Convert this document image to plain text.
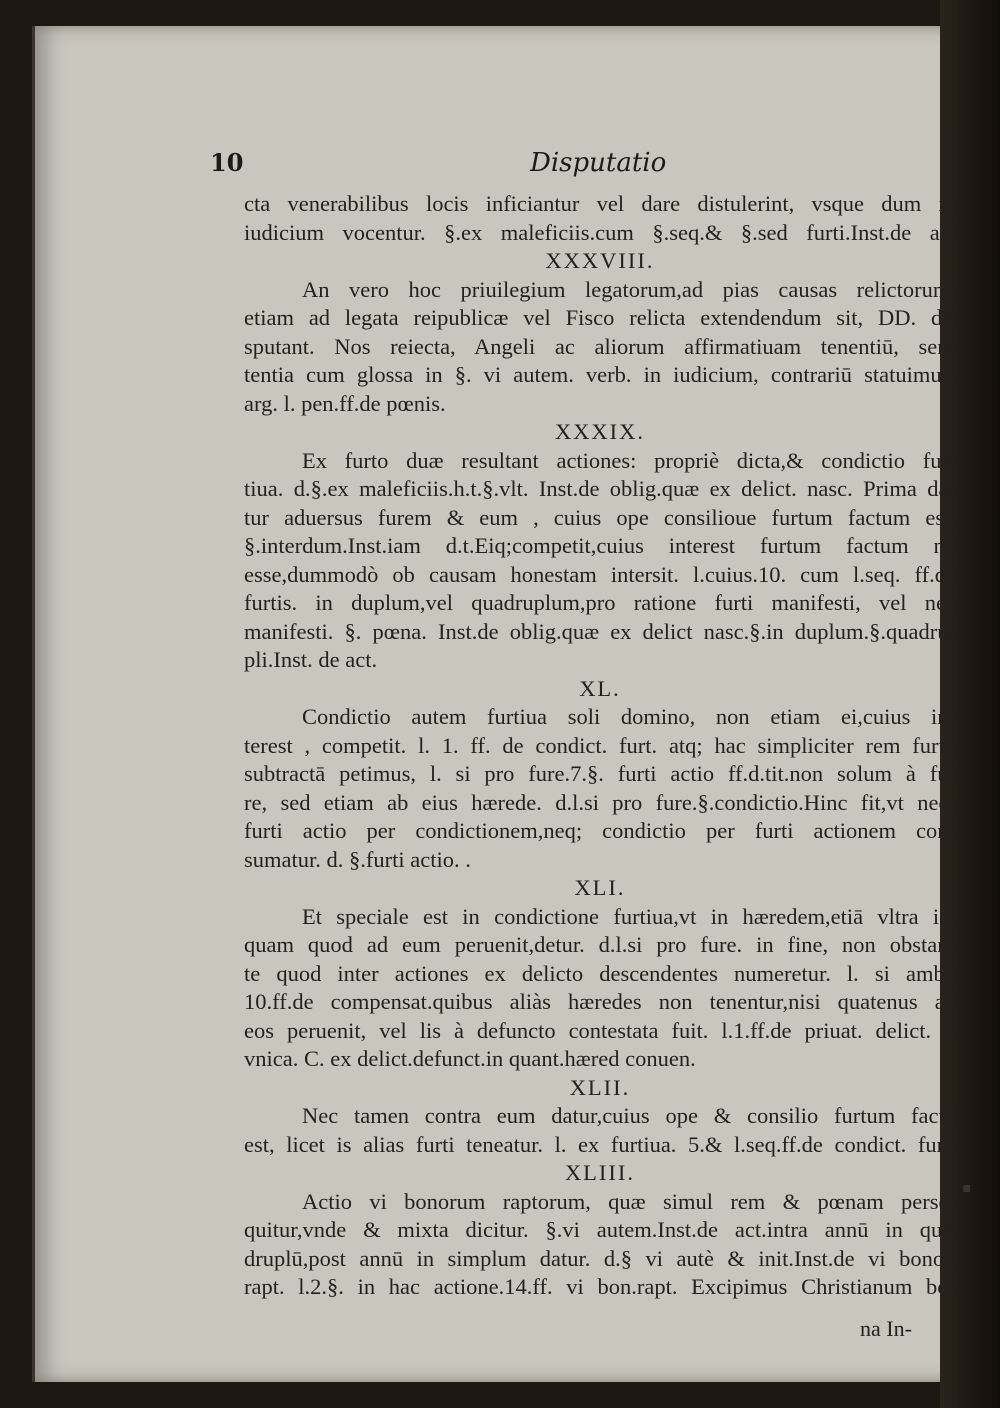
10	Disputatio
cta venerabilibus locis inficiantur vel dare distulerint, vsque dum in
iudicium vocentur. §.ex maleficiis.cum §.seq.& §.sed furti.Inst.de act
XXXVIII.
An vero hoc priuilegium legatorum,ad pias causas relictorum,
etiam ad legata reipublicæ vel Fisco relicta extendendum sit, DD. di-
sputant. Nos reiecta, Angeli ac aliorum affirmatiuam tenentiū, sen-
tentia cum glossa in §. vi autem. verb. in iudicium, contrariū statuimus.
arg. l. pen.ff.de pœnis.
XXXIX.
Ex furto duæ resultant actiones: propriè dicta,& condictio fur-
tiua. d.§.ex maleficiis.h.t.§.vlt. Inst.de oblig.quæ ex delict. nasc. Prima da-
tur aduersus furem & eum , cuius ope consilioue furtum factum est.
§.interdum.Inst.iam d.t.Eiq;competit,cuius interest furtum factum nō
esse,dummodò ob causam honestam intersit. l.cuius.10. cum l.seq. ff.de
furtis. in duplum,vel quadruplum,pro ratione furti manifesti, vel nec
manifesti. §. pœna. Inst.de oblig.quæ ex delict nasc.§.in duplum.§.quadru-
pli.Inst. de act.
XL.
Condictio autem furtiua soli domino, non etiam ei,cuius in-
terest , competit. l. 1. ff. de condict. furt. atq; hac simpliciter rem furto
subtractā petimus, l. si pro fure.7.§. furti actio ff.d.tit.non solum à fu-
re, sed etiam ab eius hærede. d.l.si pro fure.§.condictio.Hinc fit,vt neq;
furti actio per condictionem,neq; condictio per furti actionem con-
sumatur. d. §.furti actio. .
XLI.
Et speciale est in condictione furtiua,vt in hæredem,etiā vltra id,
quam quod ad eum peruenit,detur. d.l.si pro fure. in fine, non obstan-
te quod inter actiones ex delicto descendentes numeretur. l. si ambo
10.ff.de compensat.quibus aliàs hæredes non tenentur,nisi quatenus ad
eos peruenit, vel lis à defuncto contestata fuit. l.1.ff.de priuat. delict. l.
vnica. C. ex delict.defunct.in quant.hæred conuen.
XLII.
Nec tamen contra eum datur,cuius ope & consilio furtum factū
est, licet is alias furti teneatur. l. ex furtiua. 5.& l.seq.ff.de condict. furt.
XLIII.
Actio vi bonorum raptorum, quæ simul rem & pœnam perse-
quitur,vnde & mixta dicitur. §.vi autem.Inst.de act.intra annū in qui-
druplū,post annū in simplum datur. d.§ vi autè & init.Inst.de vi bonor.
rapt. l.2.§. in hac actione.14.ff. vi bon.rapt. Excipimus Christianum bo-
na In-
▪
